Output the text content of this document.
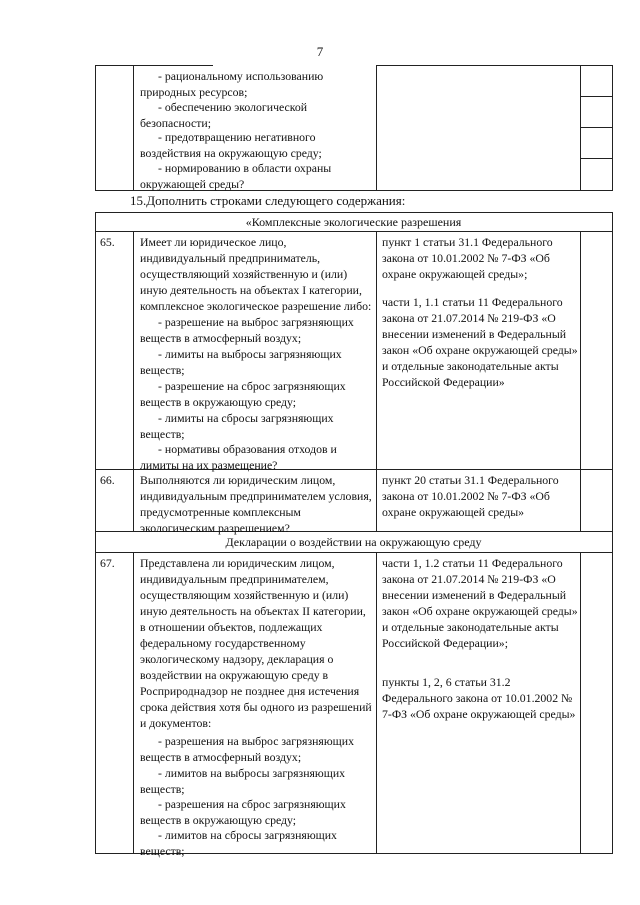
7
- рациональному использованию природных ресурсов;
- обеспечению экологической безопасности;
- предотвращению негативного воздействия на окружающую среду;
- нормированию в области охраны окружающей среды?
15.Дополнить строками следующего содержания:
«Комплексные экологические разрешения
Декларации о воздействии на окружающую среду
65. Имеет ли юридическое лицо, индивидуальный предприниматель, осуществляющий хозяйственную и (или) иную деятельность на объектах I категории, комплексное экологическое разрешение либо:
- разрешение на выброс загрязняющих веществ в атмосферный воздух;
- лимиты на выбросы загрязняющих веществ;
- разрешение на сброс загрязняющих веществ в окружающую среду;
- лимиты на сбросы загрязняющих веществ;
- нормативы образования отходов и лимиты на их размещение?
пункт 1 статьи 31.1 Федерального закона от 10.01.2002 № 7-ФЗ «Об охране окружающей среды»;
части 1, 1.1 статьи 11 Федерального закона от 21.07.2014 № 219-ФЗ «О внесении изменений в Федеральный закон «Об охране окружающей среды» и отдельные законодательные акты Российской Федерации»
66. Выполняются ли юридическим лицом, индивидуальным предпринимателем условия, предусмотренные комплексным экологическим разрешением?
пункт 20 статьи 31.1 Федерального закона от 10.01.2002 № 7-ФЗ «Об охране окружающей среды»
67. Представлена ли юридическим лицом, индивидуальным предпринимателем, осуществляющим хозяйственную и (или) иную деятельность на объектах II категории, в отношении объектов, подлежащих федеральному государственному экологическому надзору, декларация о воздействии на окружающую среду в Росприроднадзор не позднее дня истечения срока действия хотя бы одного из разрешений и документов:
- разрешения на выброс загрязняющих веществ в атмосферный воздух;
- лимитов на выбросы загрязняющих веществ;
- разрешения на сброс загрязняющих веществ в окружающую среду;
- лимитов на сбросы загрязняющих веществ;
части 1, 1.2 статьи 11 Федерального закона от 21.07.2014 № 219-ФЗ «О внесении изменений в Федеральный закон «Об охране окружающей среды» и отдельные законодательные акты Российской Федерации»;
пункты 1, 2, 6 статьи 31.2 Федерального закона от 10.01.2002 № 7-ФЗ «Об охране окружающей среды»
